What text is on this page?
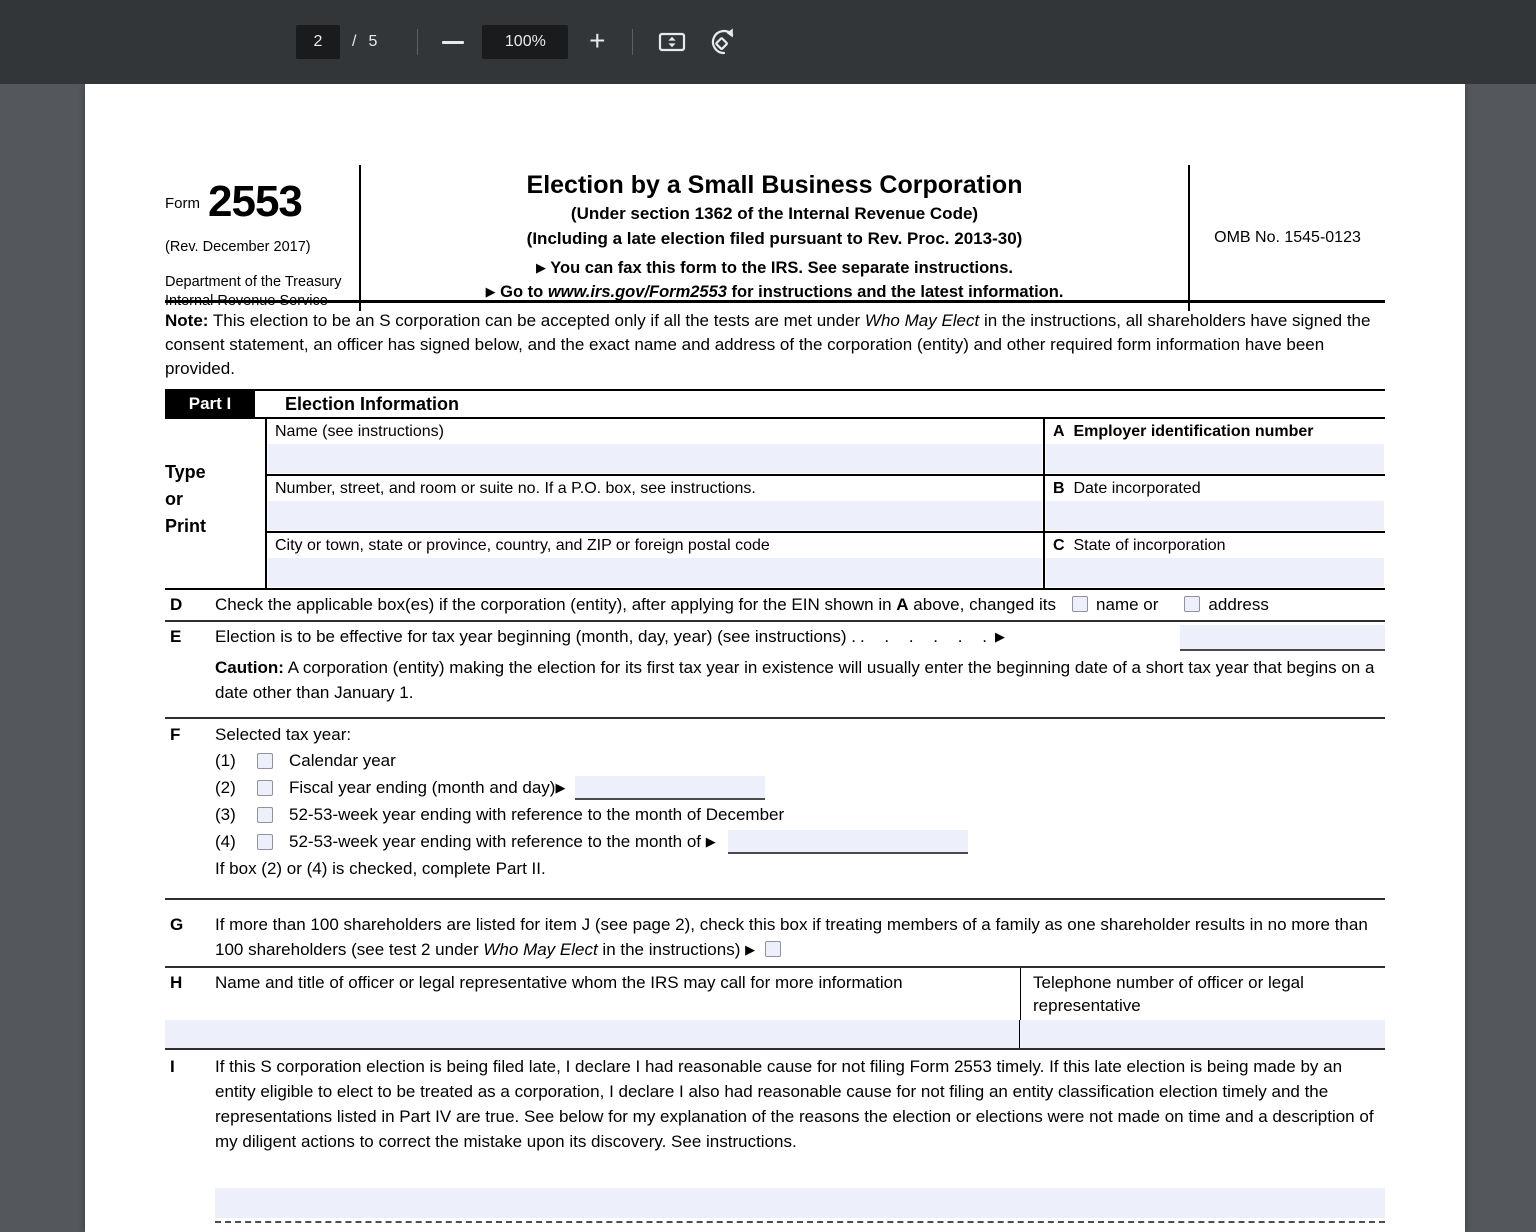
2 / 5	100% +
Form 2553
(Rev. December 2017)
Department of the Treasury
Internal Revenue Service
Election by a Small Business Corporation
(Under section 1362 of the Internal Revenue Code)
(Including a late election filed pursuant to Rev. Proc. 2013-30)
▶ You can fax this form to the IRS. See separate instructions.
▶ Go to www.irs.gov/Form2553 for instructions and the latest information.
OMB No. 1545-0123
Note: This election to be an S corporation can be accepted only if all the tests are met under Who May Elect in the instructions, all shareholders have signed the consent statement, an officer has signed below, and the exact name and address of the corporation (entity) and other required form information have been provided.
Part I	Election Information
Type
or
Print
Name (see instructions)	A Employer identification number
Number, street, and room or suite no. If a P.O. box, see instructions.	B Date incorporated
City or town, state or province, country, and ZIP or foreign postal code	C State of incorporation
D	Check the applicable box(es) if the corporation (entity), after applying for the EIN shown in A above, changed its name or	address
E	Election is to be effective for tax year beginning (month, day, year) (see instructions) . . . . . . . ▶
Caution: A corporation (entity) making the election for its first tax year in existence will usually enter the beginning date of a short tax year that begins on a date other than January 1.
F	Selected tax year:
(1)	Calendar year
(2)	Fiscal year ending (month and day) ▶
(3)	52-53-week year ending with reference to the month of December
(4)	52-53-week year ending with reference to the month of
▶
If box (2) or (4) is checked, complete Part II.
G	If more than 100 shareholders are listed for item J (see page 2), check this box if treating members of a family as one shareholder results in no more than 100 shareholders (see test 2 under Who May Elect in the instructions) ▶
H	Name and title of officer or legal representative whom the IRS may call for more information	Telephone number of officer or legal representative
I	If this S corporation election is being filed late, I declare I had reasonable cause for not filing Form 2553 timely. If this late election is being made by an entity eligible to elect to be treated as a corporation, I declare I also had reasonable cause for not filing an entity classification election timely and the representations listed in Part IV are true. See below for my explanation of the reasons the election or elections were not made on time and a description of my diligent actions to correct the mistake upon its discovery. See instructions.
